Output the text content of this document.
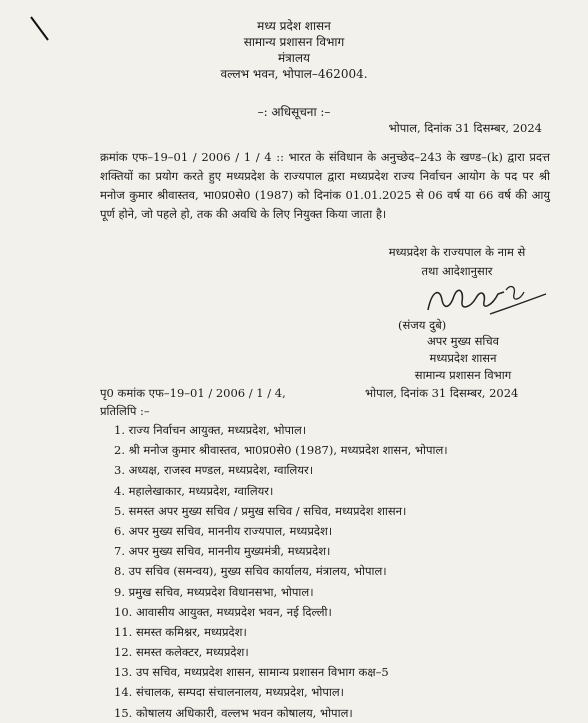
मध्य प्रदेश शासन
सामान्य प्रशासन विभाग
मंत्रालय
वल्लभ भवन, भोपाल–462004.
–: अधिसूचना :–
भोपाल, दिनांक 31 दिसम्बर, 2024
क्रमांक एफ–19–01 / 2006 / 1 / 4 :: भारत के संविधान के अनुच्छेद–243 के खण्ड–(k) द्वारा प्रदत्त शक्तियों का प्रयोग करते हुए मध्यप्रदेश के राज्यपाल द्वारा मध्यप्रदेश राज्य निर्वाचन आयोग के पद पर श्री मनोज कुमार श्रीवास्तव, भा0प्र0से0 (1987) को दिनांक 01.01.2025 से 06 वर्ष या 66 वर्ष की आयु पूर्ण होने, जो पहले हो, तक की अवधि के लिए नियुक्त किया जाता है।
मध्यप्रदेश के राज्यपाल के नाम से
तथा आदेशानुसार
(संजय दुबे)
अपर मुख्य सचिव
मध्यप्रदेश शासन
सामान्य प्रशासन विभाग
पृ0 कमांक एफ–19–01 / 2006 / 1 / 4,	भोपाल, दिनांक 31 दिसम्बर, 2024
प्रतिलिपि :–
1. राज्य निर्वाचन आयुक्त, मध्यप्रदेश, भोपाल।
2. श्री मनोज कुमार श्रीवास्तव, भा0प्र0से0 (1987), मध्यप्रदेश शासन, भोपाल।
3. अध्यक्ष, राजस्व मण्डल, मध्यप्रदेश, ग्वालियर।
4. महालेखाकार, मध्यप्रदेश, ग्वालियर।
5. समस्त अपर मुख्य सचिव / प्रमुख सचिव / सचिव, मध्यप्रदेश शासन।
6. अपर मुख्य सचिव, माननीय राज्यपाल, मध्यप्रदेश।
7. अपर मुख्य सचिव, माननीय मुख्यमंत्री, मध्यप्रदेश।
8. उप सचिव (समन्वय), मुख्य सचिव कार्यालय, मंत्रालय, भोपाल।
9. प्रमुख सचिव, मध्यप्रदेश विधानसभा, भोपाल।
10. आवासीय आयुक्त, मध्यप्रदेश भवन, नई दिल्ली।
11. समस्त कमिश्नर, मध्यप्रदेश।
12. समस्त कलेक्टर, मध्यप्रदेश।
13. उप सचिव, मध्यप्रदेश शासन, सामान्य प्रशासन विभाग कक्ष–5
14. संचालक, सम्पदा संचालनालय, मध्यप्रदेश, भोपाल।
15. कोषालय अधिकारी, वल्लभ भवन कोषालय, भोपाल।
